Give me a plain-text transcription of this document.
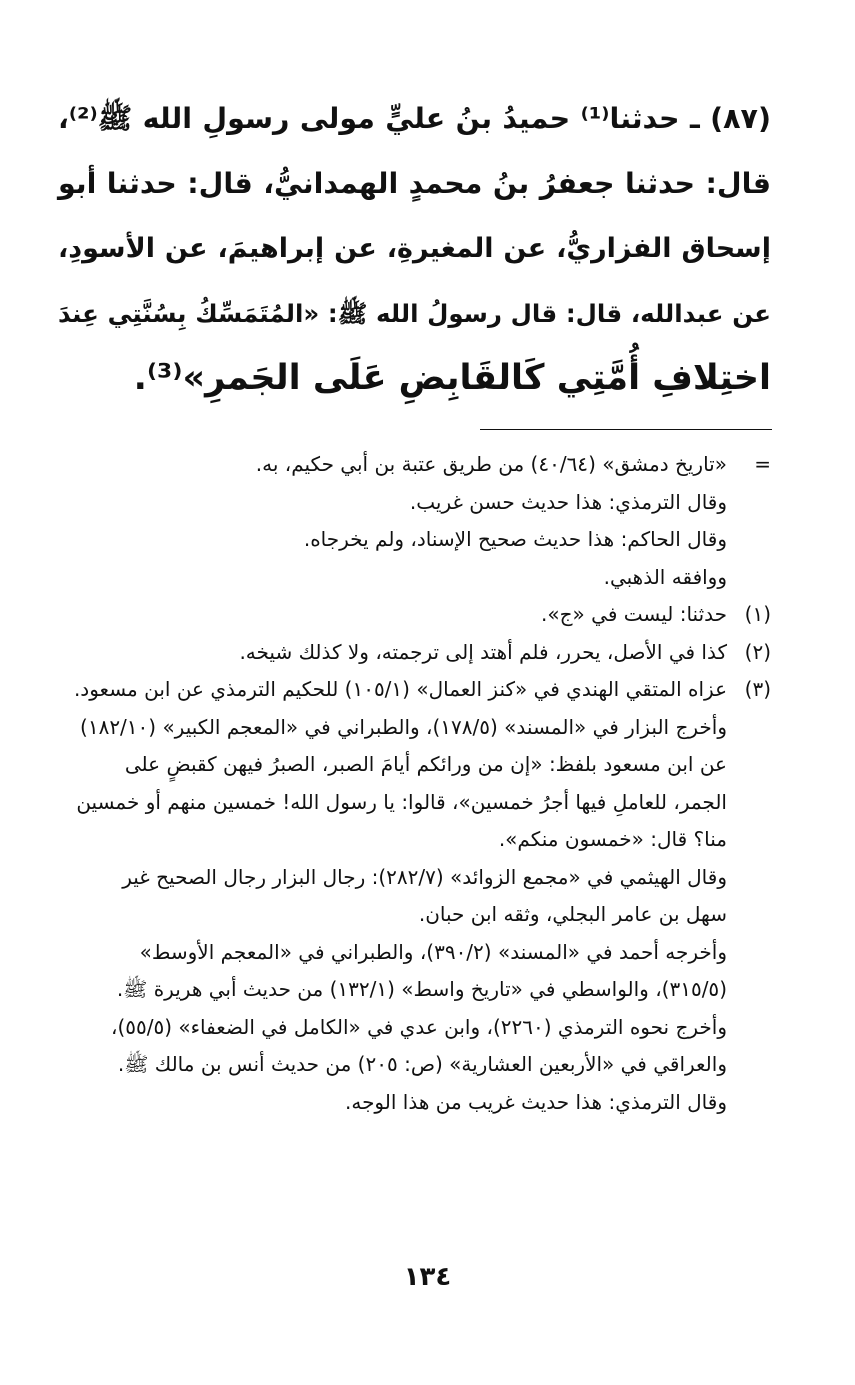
(٨٧) ـ حدثنا⁽¹⁾ حميدُ بنُ عليٍّ مولى رسولِ الله ﷺ⁽²⁾،
قال: حدثنا جعفرُ بنُ محمدٍ الهمدانيُّ، قال: حدثنا أبو
إسحاق الفزاريُّ، عن المغيرةِ، عن إبراهيمَ، عن الأسودِ،
عن عبدالله، قال: قال رسولُ الله ﷺ: «المُتَمَسِّكُ بِسُنَّتِي عِندَ
اختِلافِ أُمَّتِي كَالقَابِضِ عَلَى الجَمرِ»⁽³⁾.
=
«تاريخ دمشق» (٤٠/٦٤) من طريق عتبة بن أبي حكيم، به.
وقال الترمذي: هذا حديث حسن غريب.
وقال الحاكم: هذا حديث صحيح الإسناد، ولم يخرجاه.
ووافقه الذهبي.
(١)
حدثنا: ليست في «ج».
(٢)
كذا في الأصل، يحرر، فلم أهتد إلى ترجمته، ولا كذلك شيخه.
(٣)
عزاه المتقي الهندي في «كنز العمال» (١٠٥/١) للحكيم الترمذي عن ابن مسعود.
وأخرج البزار في «المسند» (١٧٨/٥)، والطبراني في «المعجم الكبير» (١٨٢/١٠)
عن ابن مسعود بلفظ: «إن من ورائكم أيامَ الصبر، الصبرُ فيهن كقبضٍ على
الجمر، للعاملِ فيها أجرُ خمسين»، قالوا: يا رسول الله! خمسين منهم أو خمسين
منا؟ قال: «خمسون منكم».
وقال الهيثمي في «مجمع الزوائد» (٢٨٢/٧): رجال البزار رجال الصحيح غير
سهل بن عامر البجلي، وثقه ابن حبان.
وأخرجه أحمد في «المسند» (٣٩٠/٢)، والطبراني في «المعجم الأوسط»
(٣١٥/٥)، والواسطي في «تاريخ واسط» (١٣٢/١) من حديث أبي هريرة ﷺ.
وأخرج نحوه الترمذي (٢٢٦٠)، وابن عدي في «الكامل في الضعفاء» (٥٥/٥)،
والعراقي في «الأربعين العشارية» (ص: ٢٠٥) من حديث أنس بن مالك ﷺ.
وقال الترمذي: هذا حديث غريب من هذا الوجه.
١٣٤
